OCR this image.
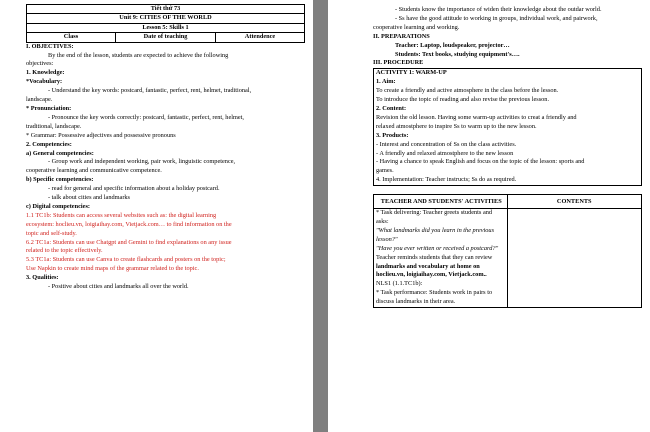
Tiết thứ 73
Unit 9: CITIES OF THE WORLD
Lesson 5: Skills 1
Class	Date of teaching	Attendence
I. OBJECTIVES:
By the end of the lesson, students are expected to achieve the following
objectives:
1. Knowledge:
*Vocabulary:
- Understand the key words: postcard, fantastic, perfect, rent, helmet, traditional,
landscape.
* Pronunciation:
- Pronounce the key words correctly: postcard, fantastic, perfect, rent, helmet,
traditional, landscape.
* Grammar: Possessive adjectives and possessive pronouns
2. Competencies:
a) General competencies:
- Group work and independent working, pair work, linguistic competence,
cooperative learning and communicative competence.
b) Specific competencies:
- read for general and specific information about a holiday postcard.
- talk about cities and landmarks
c) Digital competencies:
1.1 TC1b: Students can access several websites such as: the digital learning
ecosystem: hoclieu.vn, loigiaihay.com, Vietjack.com… to find information on the
topic and self-study.
6.2 TC1a: Students can use Chatgpt and Gemini to find explanations on any issue
related to the topic effectively.
5.3 TC1a: Students can use Canva to create flashcards and posters on the topic;
Use Napkin to create mind maps of the grammar related to the topic.
3. Qualities:
- Positive about cities and landmarks all over the world.
- Students know the importance of widen their knowledge about the outdar world.
- Ss have the good attitude to working in groups, individual work, and pairwork,
cooperative learning and working.
II. PREPARATIONS
Teacher: Laptop, loudspeaker, projector…
Students: Text books, studying equipment's….
III. PROCEDURE
ACTIVITY 1: WARM-UP
1. Aim:
To create a friendly and active atmosphere in the class before the lesson.
To introduce the topic of reading and also revise the previous lesson.
2. Content:
Revision the old lesson. Having some warm-up activities to creat a friendly and
relaxed atmostphere to inspire Ss to warm up to the new lesson.
3. Products:
- Interest and concentration of Ss on the class activities.
- A friendly and relaxed atmostphere to the new lesson
- Having a chance to speak English and focus on the topic of the lesson: sports and
games.
4. Implementation: Teacher instructs; Ss do as required.
TEACHER AND STUDENTS' ACTIVITIES	CONTENTS
* Task delivering: Teacher greets students and
asks:
"What landmarks did you learn in the previous
lesson?"
"Have you ever written or received a postcard?"
Teacher reminds students that they can review
landmarks and vocabulary at home on
hoclieu.vn, loigiaihay.com, Vietjack.com..
NLS1 (1.1.TC1b):
* Task performance: Students work in pairs to
discuss landmarks in their area.
